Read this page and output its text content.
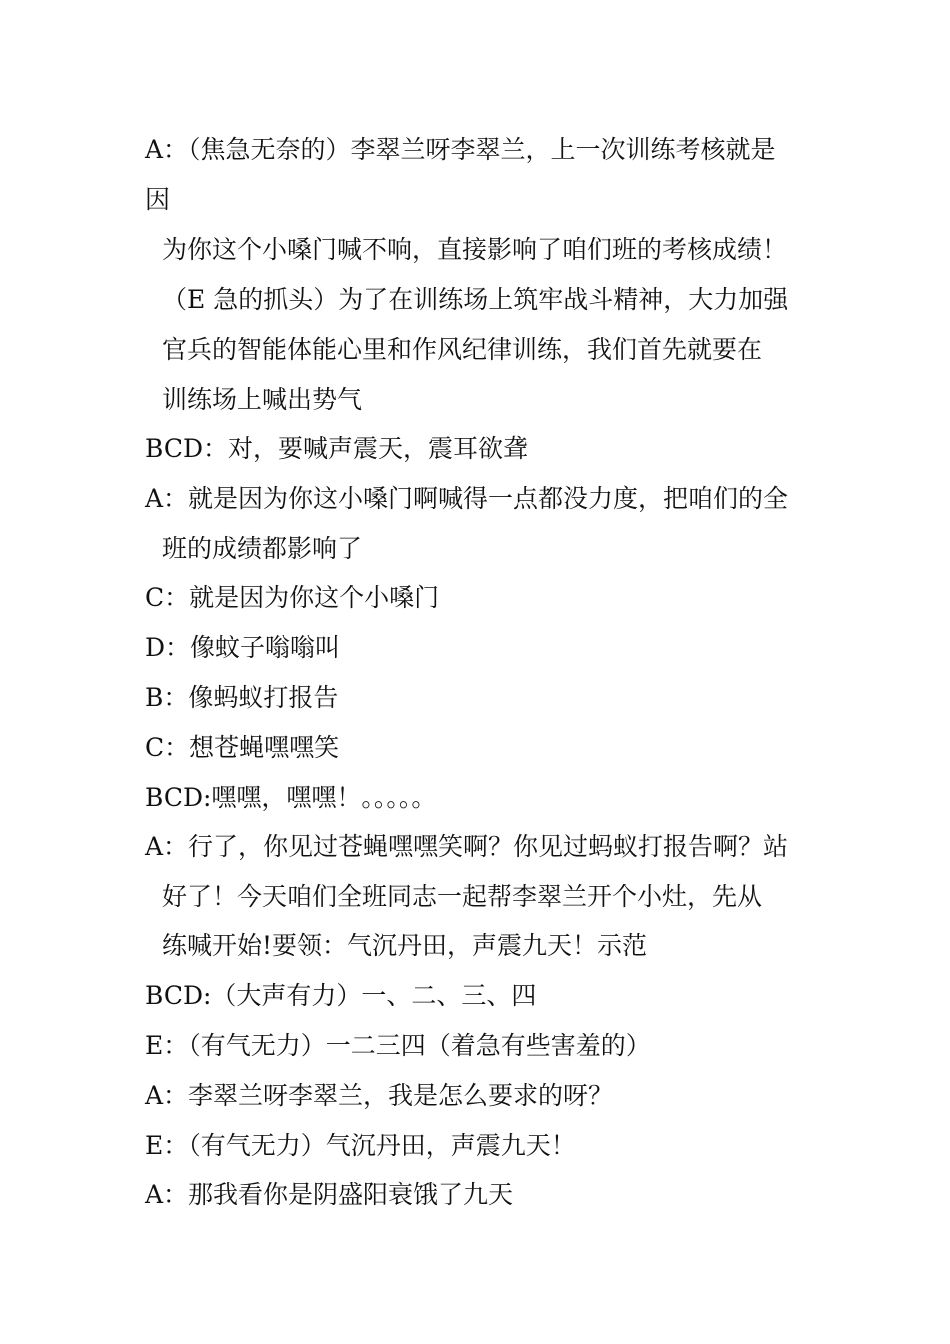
A：（焦急无奈的）李翠兰呀李翠兰，上一次训练考核就是
因
为你这个小嗓门喊不响，直接影响了咱们班的考核成绩！
（E 急的抓头）为了在训练场上筑牢战斗精神，大力加强
官兵的智能体能心里和作风纪律训练，我们首先就要在
训练场上喊出势气
BCD：对，要喊声震天，震耳欲聋
A：就是因为你这小嗓门啊喊得一点都没力度，把咱们的全
班的成绩都影响了
C：就是因为你这个小嗓门
D：像蚊子嗡嗡叫
B：像蚂蚁打报告
C：想苍蝇嘿嘿笑
BCD:嘿嘿，嘿嘿！。。。。。
A：行了，你见过苍蝇嘿嘿笑啊？你见过蚂蚁打报告啊？站
好了！今天咱们全班同志一起帮李翠兰开个小灶，先从
练喊开始!要领：气沉丹田，声震九天！示范
BCD:（大声有力）一、二、三、四
E：（有气无力）一二三四（着急有些害羞的）
A：李翠兰呀李翠兰，我是怎么要求的呀？
E：（有气无力）气沉丹田，声震九天！
A：那我看你是阴盛阳衰饿了九天
